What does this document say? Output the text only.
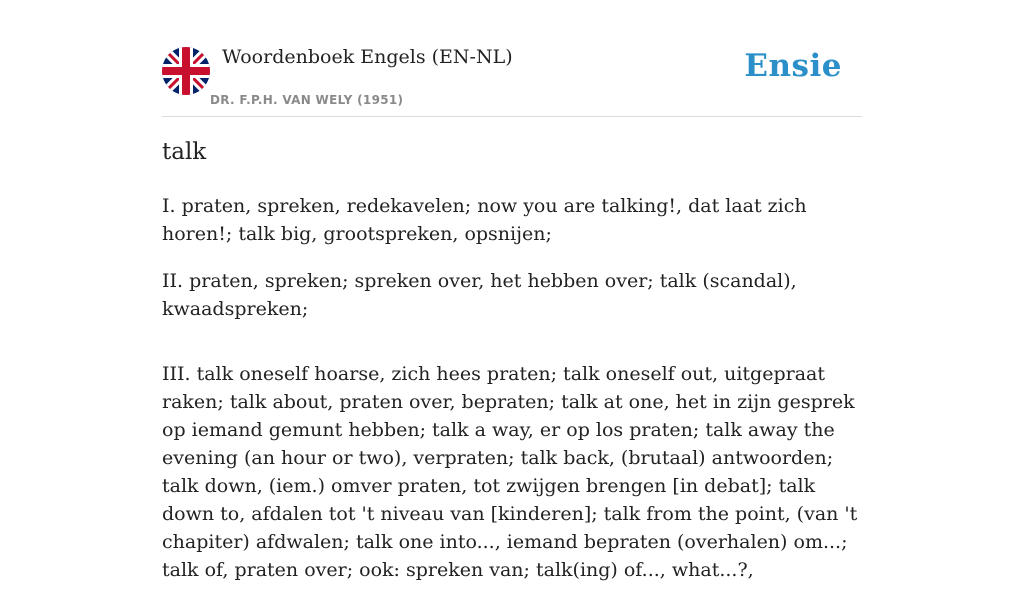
Woordenboek Engels (EN-NL)
DR. F.P.H. VAN WELY (1951)
Ensie
talk

I. praten, spreken, redekavelen; now you are talking!, dat laat zich horen!; talk big, grootspreken, opsnijen;

II. praten, spreken; spreken over, het hebben over; talk (scandal), kwaadspreken;

III. talk oneself hoarse, zich hees praten; talk oneself out, uitgepraat raken; talk about, praten over, bepraten; talk at one, het in zijn gesprek op iemand gemunt hebben; talk a way, er op los praten; talk away the evening (an hour or two), verpraten; talk back, (brutaal) antwoorden; talk down, (iem.) omver praten, tot zwijgen brengen [in debat]; talk down to, afdalen tot 't niveau van [kinderen]; talk from the point, (van 't chapiter) afdwalen; talk one into..., iemand bepraten (overhalen) om...; talk of, praten over; ook: spreken van; talk(ing) of..., what...?,
